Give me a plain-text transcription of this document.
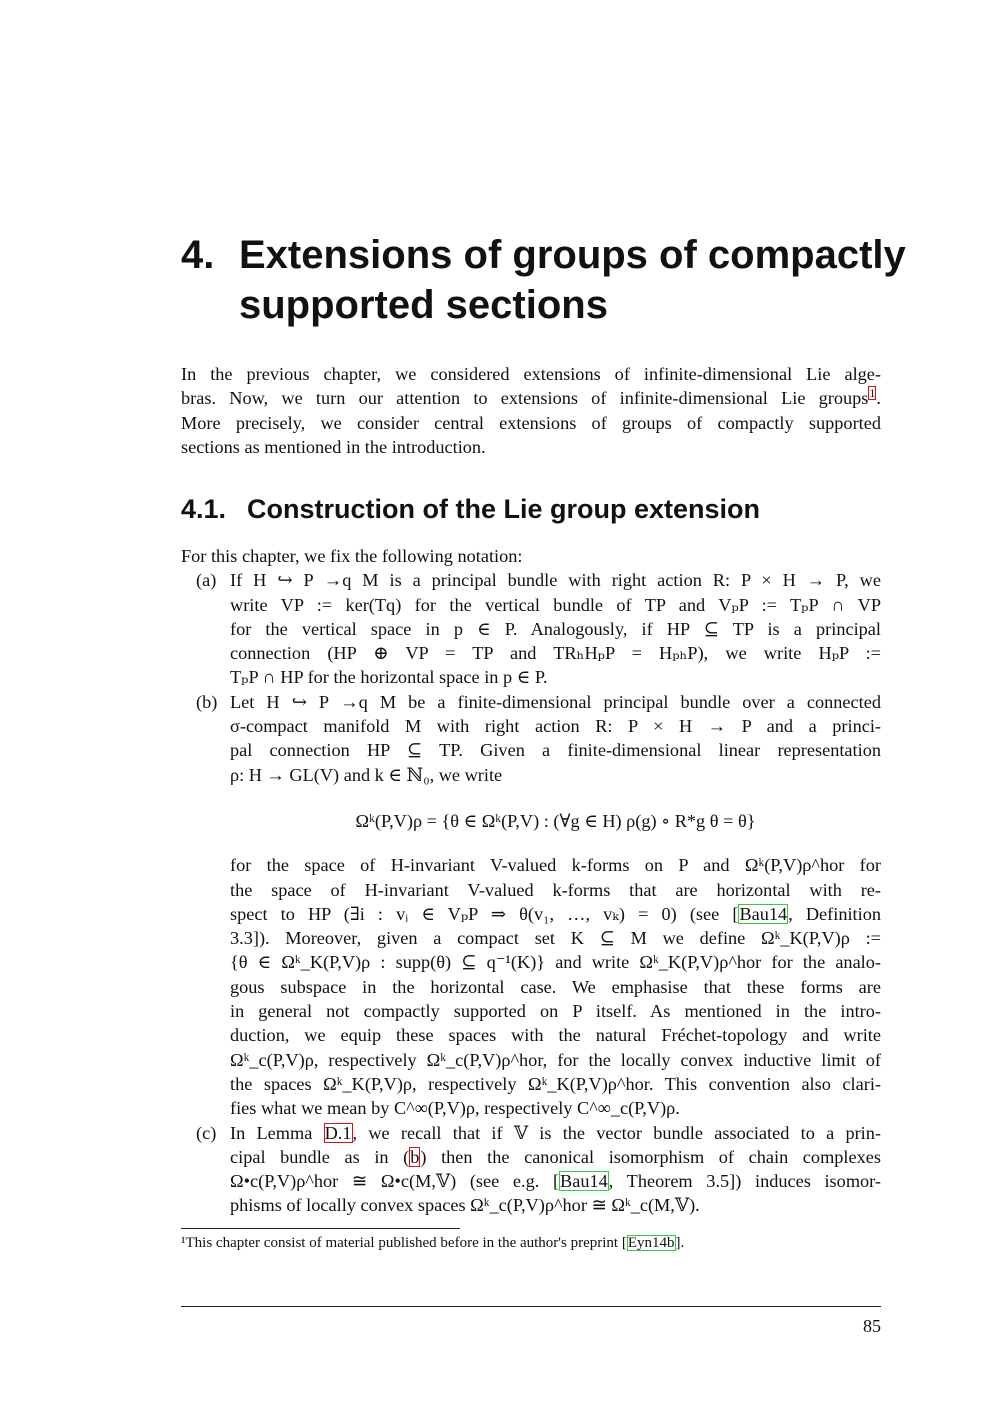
4. Extensions of groups of compactly supported sections
In the previous chapter, we considered extensions of infinite-dimensional Lie alge-
bras. Now, we turn our attention to extensions of infinite-dimensional Lie groups$^1$.
More precisely, we consider central extensions of groups of compactly supported
sections as mentioned in the introduction.
4.1. Construction of the Lie group extension
For this chapter, we fix the following notation:
(a) If H ↪ P →q M is a principal bundle with right action R: P × H → P, we
write VP := ker(Tq) for the vertical bundle of TP and VₚP := TₚP ∩ VP
for the vertical space in p ∈ P. Analogously, if HP ⊆ TP is a principal
connection (HP ⊕ VP = TP and TRₕHₚP = HₚₕP), we write HₚP :=
TₚP ∩ HP for the horizontal space in p ∈ P.
(b) Let H ↪ P →q M be a finite-dimensional principal bundle over a connected
σ-compact manifold M with right action R: P × H → P and a princi-
pal connection HP ⊆ TP. Given a finite-dimensional linear representation
ρ: H → GL(V) and k ∈ ℕ₀, we write
Ωᵏ(P,V)ρ = {θ ∈ Ωᵏ(P,V) : (∀g ∈ H) ρ(g) ∘ R*g θ = θ}
for the space of H-invariant V-valued k-forms on P and Ωᵏ(P,V)ρ^hor for
the space of H-invariant V-valued k-forms that are horizontal with re-
spect to HP (∃i : vᵢ ∈ VₚP ⇒ θ(v₁, …, vₖ) = 0) (see [Bau14, Definition
3.3]). Moreover, given a compact set K ⊆ M we define Ωᵏ_K(P,V)ρ :=
{θ ∈ Ωᵏ_K(P,V)ρ : supp(θ) ⊆ q⁻¹(K)} and write Ωᵏ_K(P,V)ρ^hor for the analo-
gous subspace in the horizontal case. We emphasise that these forms are
in general not compactly supported on P itself. As mentioned in the intro-
duction, we equip these spaces with the natural Fréchet-topology and write
Ωᵏ_c(P,V)ρ, respectively Ωᵏ_c(P,V)ρ^hor, for the locally convex inductive limit of
the spaces Ωᵏ_K(P,V)ρ, respectively Ωᵏ_K(P,V)ρ^hor. This convention also clari-
fies what we mean by C^∞(P,V)ρ, respectively C^∞_c(P,V)ρ.
(c) In Lemma D.1, we recall that if 𝕍 is the vector bundle associated to a prin-
cipal bundle as in (b) then the canonical isomorphism of chain complexes
Ω•c(P,V)ρ^hor ≅ Ω•c(M,𝕍) (see e.g. [Bau14, Theorem 3.5]) induces isomor-
phisms of locally convex spaces Ωᵏ_c(P,V)ρ^hor ≅ Ωᵏ_c(M,𝕍).
¹This chapter consist of material published before in the author's preprint [Eyn14b].
85
